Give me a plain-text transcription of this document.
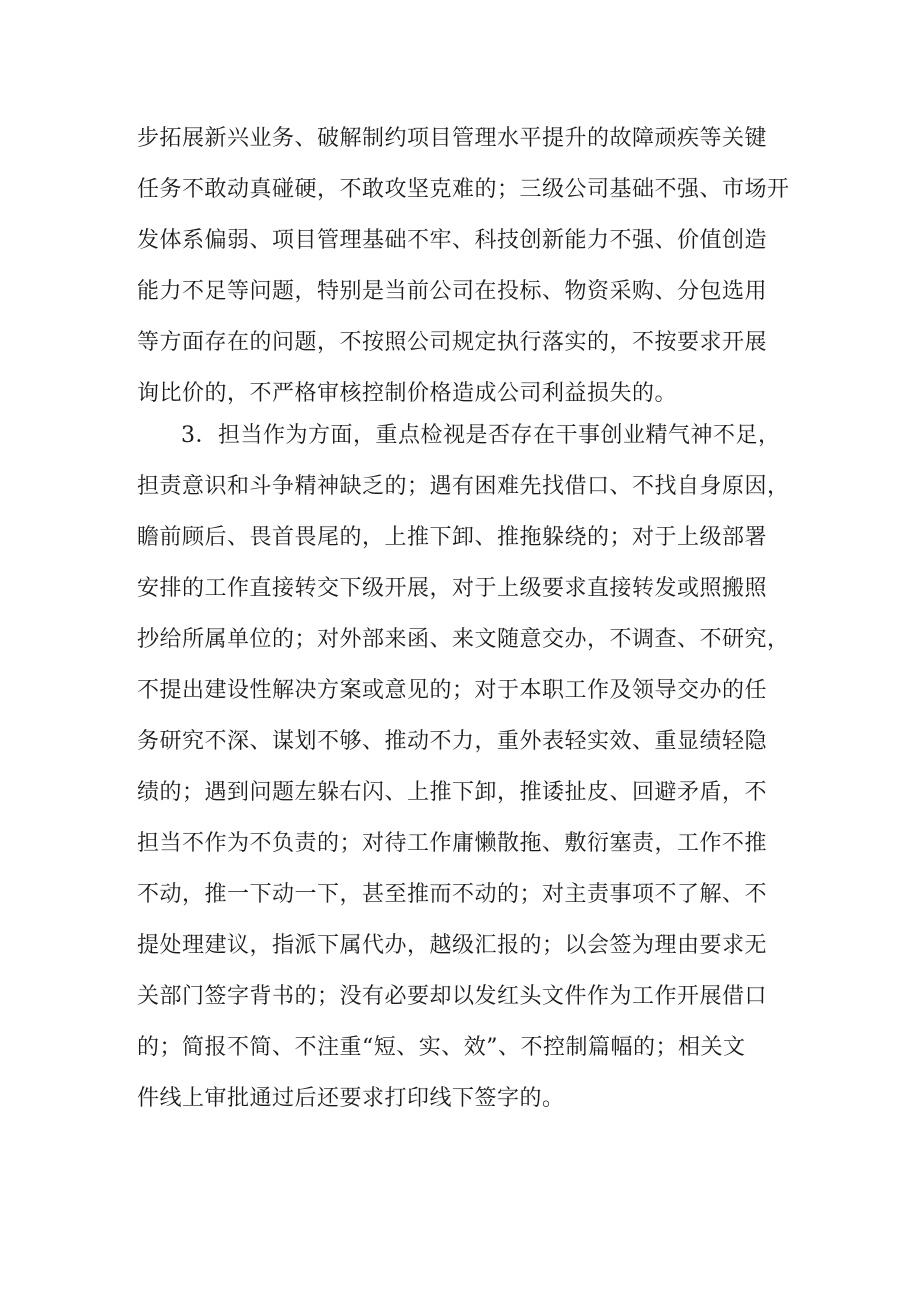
步拓展新兴业务、破解制约项目管理水平提升的故障顽疾等关键
任务不敢动真碰硬，不敢攻坚克难的；三级公司基础不强、市场开
发体系偏弱、项目管理基础不牢、科技创新能力不强、价值创造
能力不足等问题，特别是当前公司在投标、物资采购、分包选用
等方面存在的问题，不按照公司规定执行落实的，不按要求开展
询比价的，不严格审核控制价格造成公司利益损失的。
3．担当作为方面，重点检视是否存在干事创业精气神不足，
担责意识和斗争精神缺乏的；遇有困难先找借口、不找自身原因，
瞻前顾后、畏首畏尾的，上推下卸、推拖躲绕的；对于上级部署
安排的工作直接转交下级开展，对于上级要求直接转发或照搬照
抄给所属单位的；对外部来函、来文随意交办，不调查、不研究，
不提出建设性解决方案或意见的；对于本职工作及领导交办的任
务研究不深、谋划不够、推动不力，重外表轻实效、重显绩轻隐
绩的；遇到问题左躲右闪、上推下卸，推诿扯皮、回避矛盾，不
担当不作为不负责的；对待工作庸懒散拖、敷衍塞责，工作不推
不动，推一下动一下，甚至推而不动的；对主责事项不了解、不
提处理建议，指派下属代办，越级汇报的；以会签为理由要求无
关部门签字背书的；没有必要却以发红头文件作为工作开展借口
的；简报不简、不注重“短、实、效”、不控制篇幅的；相关文
件线上审批通过后还要求打印线下签字的。
